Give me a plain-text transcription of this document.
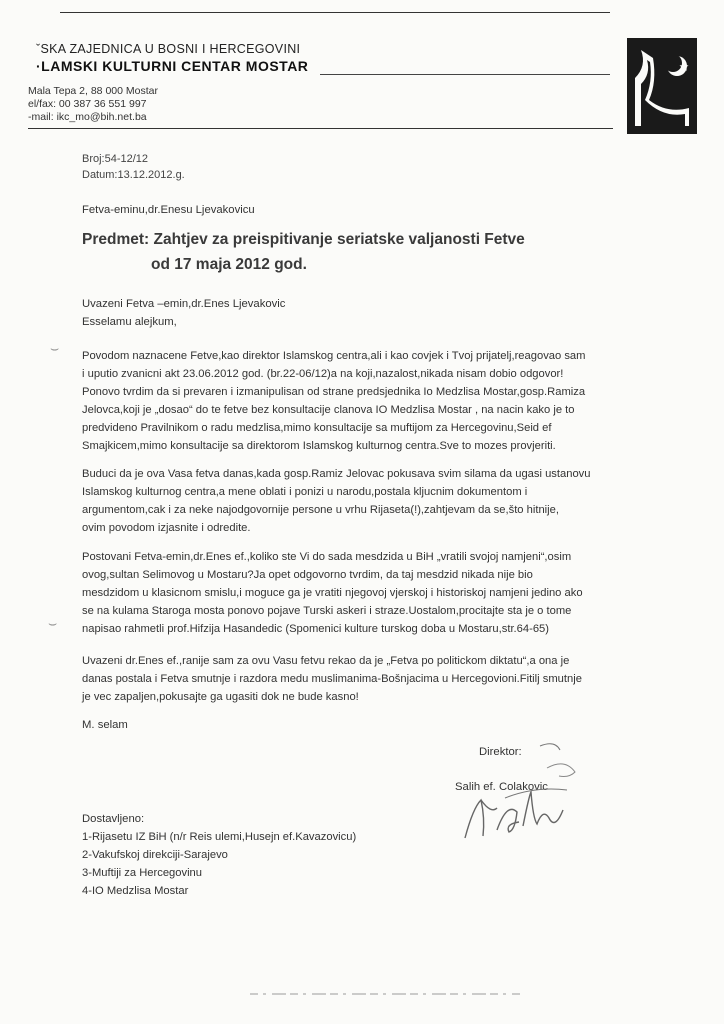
ˇSKA ZAJEDNICA U BOSNI I HERCEGOVINI
·LAMSKI KULTURNI CENTAR MOSTAR
Mala Tepa 2, 88 000 Mostar
el/fax: 00 387 36 551 997
-mail: ikc_mo@bih.net.ba
Broj:54-12/12
Datum:13.12.2012.g.
Fetva-eminu,dr.Enesu Ljevakovicu
Predmet: Zahtjev za preispitivanje seriatske valjanosti Fetve
od 17 maja 2012 god.
Uvazeni Fetva –emin,dr.Enes Ljevakovic
Esselamu alejkum,
⌣
⌣
Povodom naznacene Fetve,kao direktor Islamskog centra,ali i kao covjek i Tvoj prijatelj,reagovao sam
i uputio zvanicni akt 23.06.2012 god. (br.22-06/12)a na koji,nazalost,nikada nisam dobio odgovor!
Ponovo tvrdim da si prevaren i izmanipulisan od strane predsjednika Io Medzlisa Mostar,gosp.Ramiza
Jelovca,koji je „dosao“ do te fetve bez konsultacije clanova IO Medzlisa Mostar , na nacin kako je to
predvideno Pravilnikom o radu medzlisa,mimo konsultacije sa muftijom za Hercegovinu,Seid ef
Smajkicem,mimo konsultacije sa direktorom Islamskog kulturnog centra.Sve to mozes provjeriti.
Buduci da je ova Vasa fetva danas,kada gosp.Ramiz Jelovac pokusava svim silama da ugasi ustanovu
Islamskog kulturnog centra,a mene oblati i ponizi u narodu,postala kljucnim dokumentom i
argumentom,cak i za neke najodgovornije persone u vrhu Rijaseta(!),zahtjevam da se,što hitnije,
ovim povodom izjasnite i odredite.
Postovani Fetva-emin,dr.Enes ef.,koliko ste Vi do sada mesdzida u BiH „vratili svojoj namjeni“,osim
ovog,sultan Selimovog u Mostaru?Ja opet odgovorno tvrdim, da taj mesdzid nikada nije bio
mesdzidom u klasicnom smislu,i moguce ga je vratiti njegovoj vjerskoj i historiskoj namjeni jedino ako
se na kulama Staroga mosta ponovo pojave Turski askeri i straze.Uostalom,procitajte sta je o tome
napisao rahmetli prof.Hifzija Hasandedic (Spomenici kulture turskog doba u Mostaru,str.64-65)
Uvazeni dr.Enes ef.,ranije sam za ovu Vasu fetvu rekao da je „Fetva po politickom diktatu“,a ona je
danas postala i Fetva smutnje i razdora medu muslimanima-Bošnjacima u Hercegovioni.Fitilj smutnje
je vec zapaljen,pokusajte ga ugasiti dok ne bude kasno!
M. selam
Direktor:
Salih ef. Colakovic
Dostavljeno:
1-Rijasetu IZ BiH (n/r Reis ulemi,Husejn ef.Kavazovicu)
2-Vakufskoj direkciji-Sarajevo
3-Muftiji za Hercegovinu
4-IO Medzlisa Mostar
